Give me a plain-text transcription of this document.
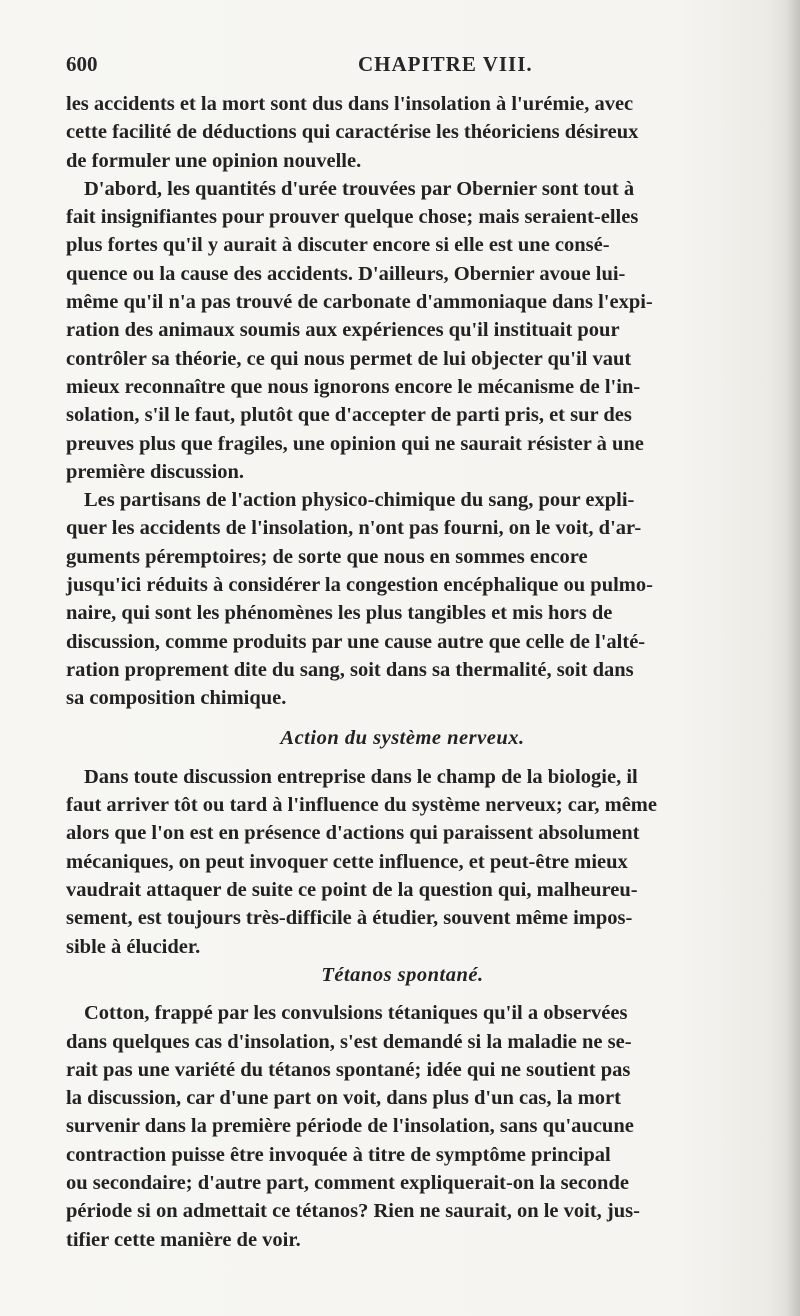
600	CHAPITRE VIII.

les accidents et la mort sont dus dans l'insolation à l'urémie, avec
cette facilité de déductions qui caractérise les théoriciens désireux
de formuler une opinion nouvelle.

D'abord, les quantités d'urée trouvées par Obernier sont tout à
fait insignifiantes pour prouver quelque chose; mais seraient-elles
plus fortes qu'il y aurait à discuter encore si elle est une consé-
quence ou la cause des accidents. D'ailleurs, Obernier avoue lui-
même qu'il n'a pas trouvé de carbonate d'ammoniaque dans l'expi-
ration des animaux soumis aux expériences qu'il instituait pour
contrôler sa théorie, ce qui nous permet de lui objecter qu'il vaut
mieux reconnaître que nous ignorons encore le mécanisme de l'in-
solation, s'il le faut, plutôt que d'accepter de parti pris, et sur des
preuves plus que fragiles, une opinion qui ne saurait résister à une
première discussion.

Les partisans de l'action physico-chimique du sang, pour expli-
quer les accidents de l'insolation, n'ont pas fourni, on le voit, d'ar-
guments péremptoires; de sorte que nous en sommes encore
jusqu'ici réduits à considérer la congestion encéphalique ou pulmo-
naire, qui sont les phénomènes les plus tangibles et mis hors de
discussion, comme produits par une cause autre que celle de l'alté-
ration proprement dite du sang, soit dans sa thermalité, soit dans
sa composition chimique.

Action du système nerveux.

Dans toute discussion entreprise dans le champ de la biologie, il
faut arriver tôt ou tard à l'influence du système nerveux; car, même
alors que l'on est en présence d'actions qui paraissent absolument
mécaniques, on peut invoquer cette influence, et peut-être mieux
vaudrait attaquer de suite ce point de la question qui, malheureu-
sement, est toujours très-difficile à étudier, souvent même impos-
sible à élucider.

Tétanos spontané.

Cotton, frappé par les convulsions tétaniques qu'il a observées
dans quelques cas d'insolation, s'est demandé si la maladie ne se-
rait pas une variété du tétanos spontané; idée qui ne soutient pas
la discussion, car d'une part on voit, dans plus d'un cas, la mort
survenir dans la première période de l'insolation, sans qu'aucune
contraction puisse être invoquée à titre de symptôme principal
ou secondaire; d'autre part, comment expliquerait-on la seconde
période si on admettait ce tétanos? Rien ne saurait, on le voit, jus-
tifier cette manière de voir.
